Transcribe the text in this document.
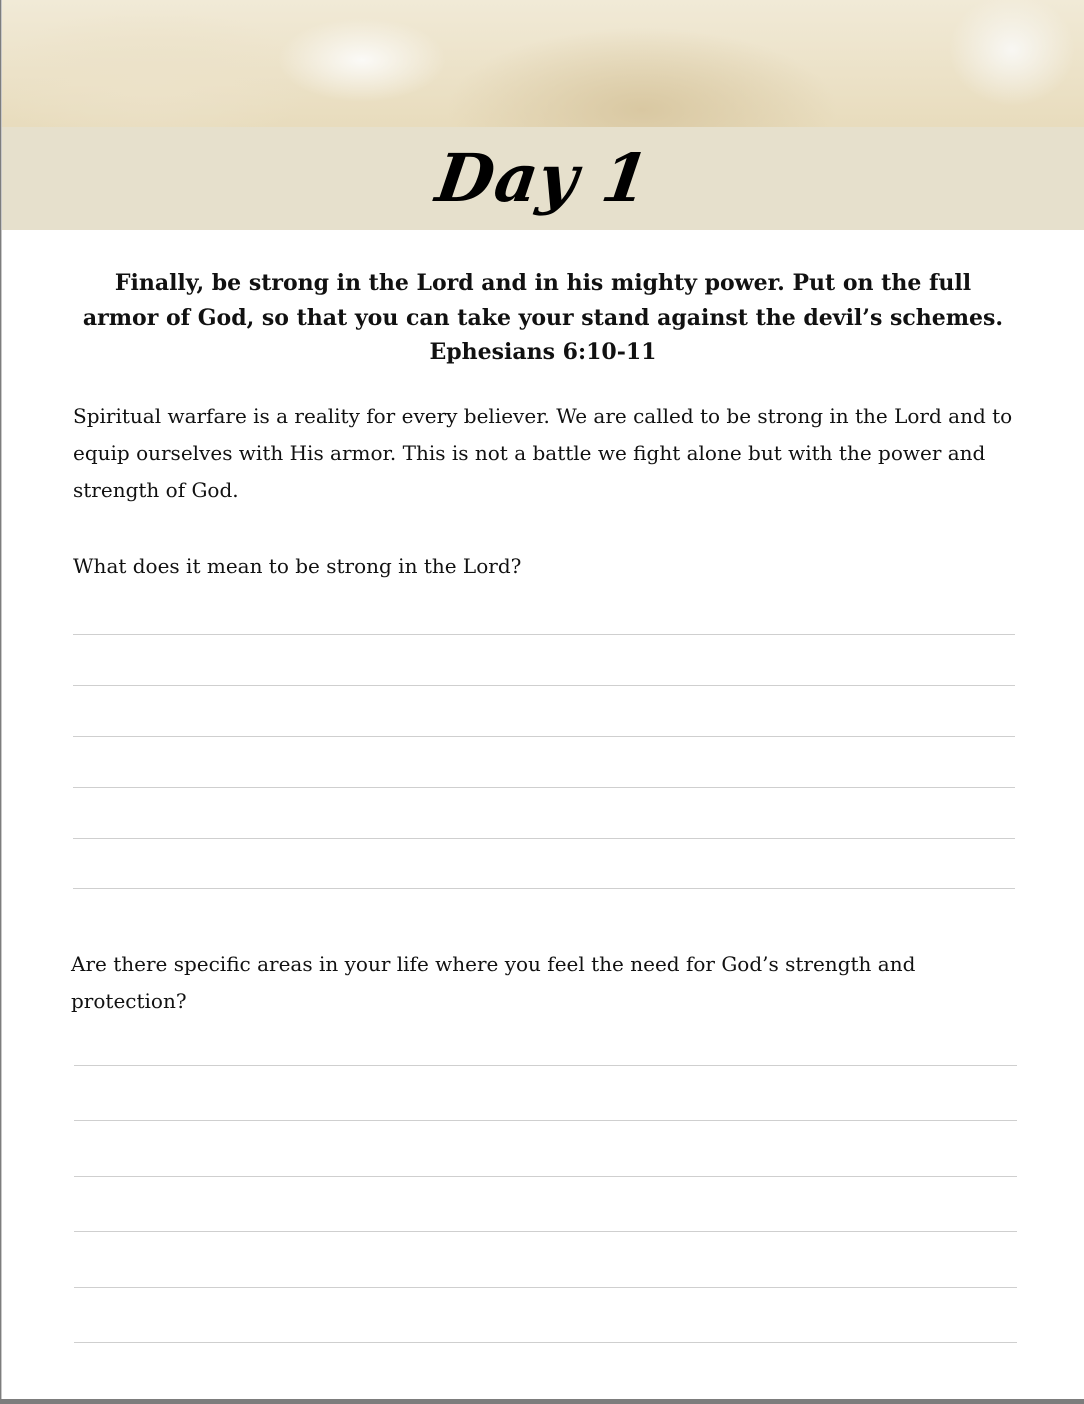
Day 1
Finally, be strong in the Lord and in his mighty power. Put on the full armor of God, so that you can take your stand against the devil’s schemes. Ephesians 6:10-11
Spiritual warfare is a reality for every believer. We are called to be strong in the Lord and to equip ourselves with His armor. This is not a battle we fight alone but with the power and strength of God.
What does it mean to be strong in the Lord?
Are there specific areas in your life where you feel the need for God’s strength and protection?
